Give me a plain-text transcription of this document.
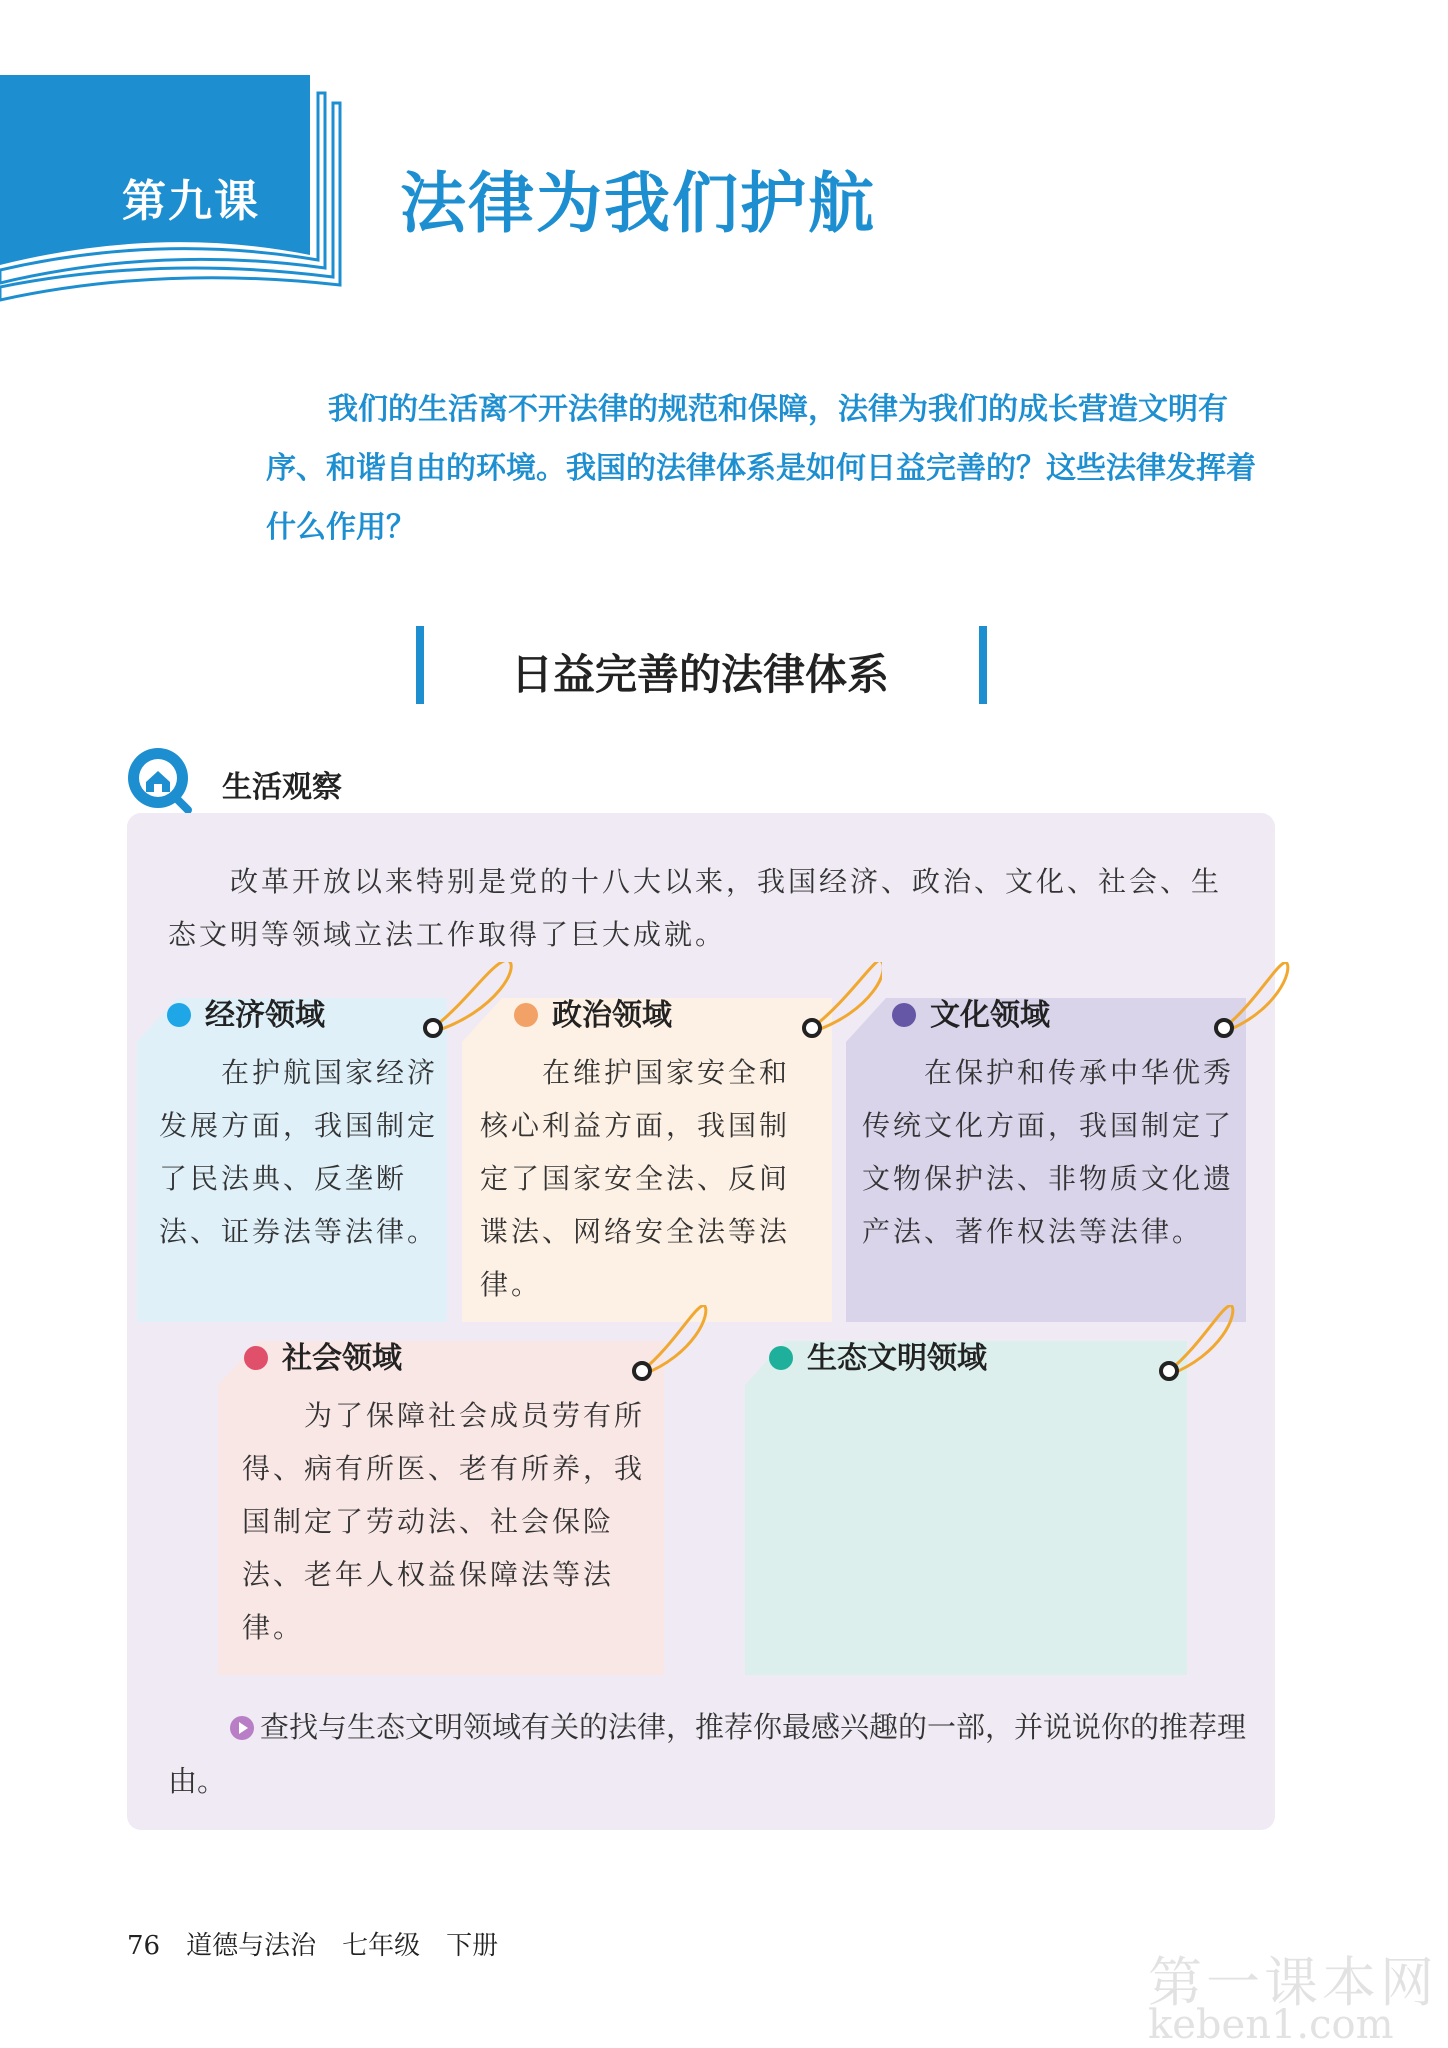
第九课 法律为我们护航

我们的生活离不开法律的规范和保障，法律为我们的成长营造文明有序、和谐自由的环境。我国的法律体系是如何日益完善的？这些法律发挥着什么作用？

日益完善的法律体系
生活观察

改革开放以来特别是党的十八大以来，我国经济、政治、文化、社会、生态文明等领域立法工作取得了巨大成就。

经济领域

在护航国家经济发展方面，我国制定了民法典、反垄断法、证券法等法律。

政治领域

在维护国家安全和核心利益方面，我国制定了国家安全法、反间谍法、网络安全法等法律。

文化领域

在保护和传承中华优秀传统文化方面，我国制定了文物保护法、非物质文化遗产法、著作权法等法律。

社会领域

为了保障社会成员劳有所得、病有所医、老有所养，我国制定了劳动法、社会保险法、老年人权益保障法等法律。

生态文明领域

查找与生态文明领域有关的法律，推荐你最感兴趣的一部，并说说你的推荐理由。
76 道德与法治 七年级 下册
第一课本网
keben1.com
